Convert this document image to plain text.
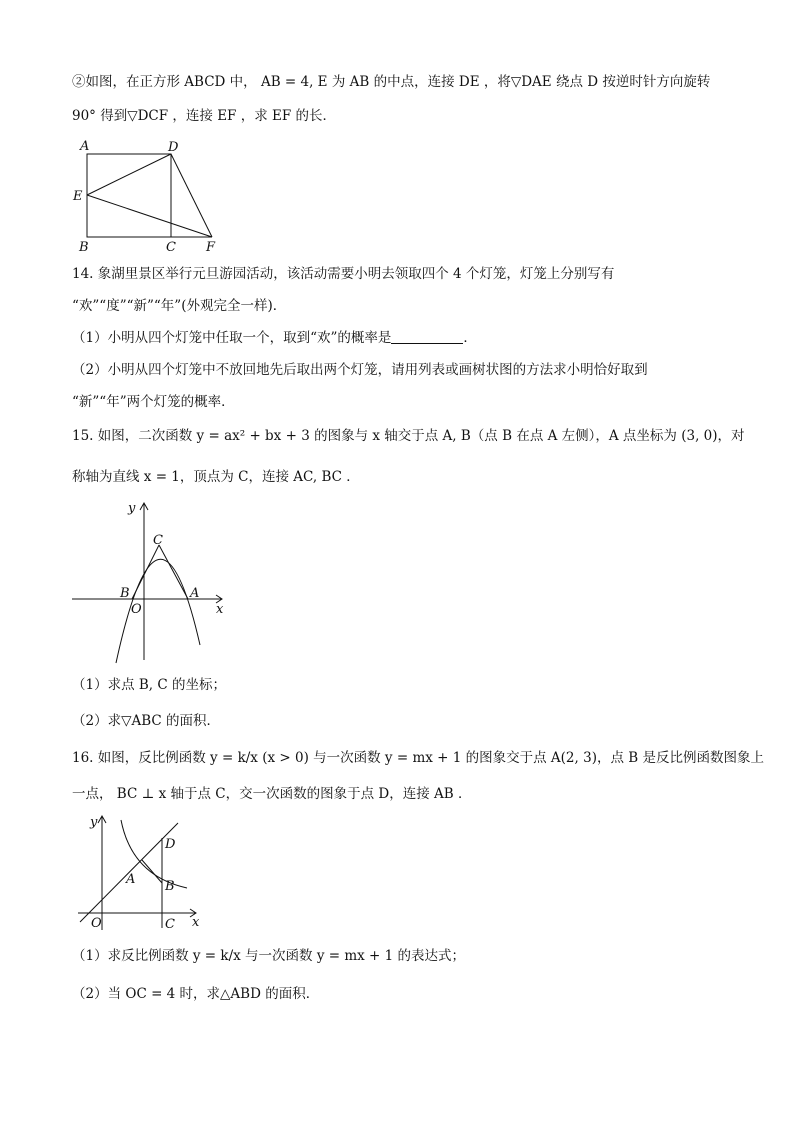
②如图，在正方形 ABCD 中， AB = 4, E 为 AB 的中点，连接 DE ，将▽DAE 绕点 D 按逆时针方向旋转
90° 得到▽DCF ，连接 EF ，求 EF 的长．
A	D
E
B	C F
14. 象湖里景区举行元旦游园活动，该活动需要小明去领取四个 4 个灯笼，灯笼上分别写有
“欢”“度”“新”“年”(外观完全一样)．
（1）小明从四个灯笼中任取一个，取到“欢”的概率是	．
（2）小明从四个灯笼中不放回地先后取出两个灯笼，请用列表或画树状图的方法求小明恰好取到
“新”“年”两个灯笼的概率．
15. 如图，二次函数 y = ax² + bx + 3 的图象与 x 轴交于点 A, B（点 B 在点 A 左侧），A 点坐标为 (3, 0)，对
称轴为直线 x = 1，顶点为 C，连接 AC, BC ．
y
x
C
B
O
A
（1）求点 B, C 的坐标；
（2）求▽ABC 的面积．
16. 如图，反比例函数 y = k/x (x > 0) 与一次函数 y = mx + 1 的图象交于点 A(2, 3)，点 B 是反比例函数图象上
一点， BC ⊥ x 轴于点 C，交一次函数的图象于点 D，连接 AB ．
y
D
A B
O	C x
（1）求反比例函数 y = k/x 与一次函数 y = mx + 1 的表达式；
（2）当 OC = 4 时，求△ABD 的面积．
